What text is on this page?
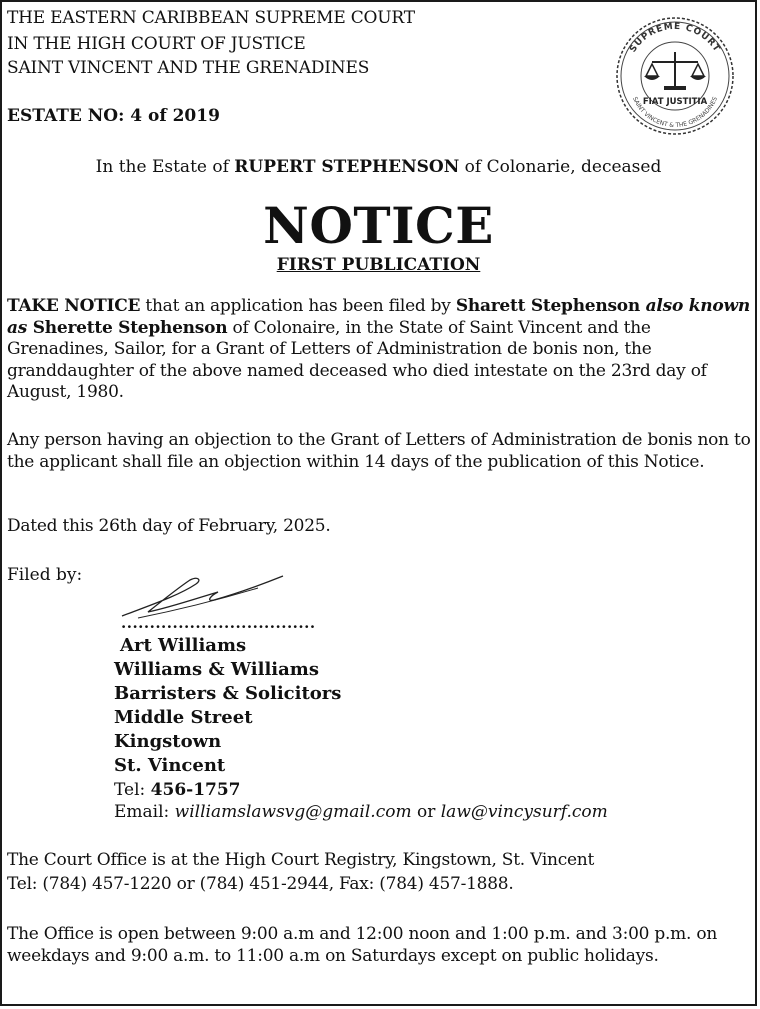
THE EASTERN CARIBBEAN SUPREME COURT
IN THE HIGH COURT OF JUSTICE
SAINT VINCENT AND THE GRENADINES
ESTATE NO: 4 of 2019
SUPREME COURT
SAINT VINCENT & THE GRENADINES
FIAT JUSTITIA
In the Estate of RUPERT STEPHENSON of Colonarie, deceased
NOTICE
FIRST PUBLICATION
TAKE NOTICE that an application has been filed by Sharett Stephenson also known as Sherette Stephenson of Colonaire, in the State of Saint Vincent and the Grenadines, Sailor, for a Grant of Letters of Administration de bonis non, the granddaughter of the above named deceased who died intestate on the 23rd day of August, 1980.
Any person having an objection to the Grant of Letters of Administration de bonis non to the applicant shall file an objection within 14 days of the publication of this Notice.
Dated this 26th day of February, 2025.
Filed by:
..................................
Art Williams
Williams & Williams
Barristers & Solicitors
Middle Street
Kingstown
St. Vincent
Tel: 456-1757
Email: williamslawsvg@gmail.com or law@vincysurf.com
The Court Office is at the High Court Registry, Kingstown, St. Vincent
Tel: (784) 457-1220 or (784) 451-2944, Fax: (784) 457-1888.
The Office is open between 9:00 a.m and 12:00 noon and 1:00 p.m. and 3:00 p.m. on weekdays and 9:00 a.m. to 11:00 a.m on Saturdays except on public holidays.
